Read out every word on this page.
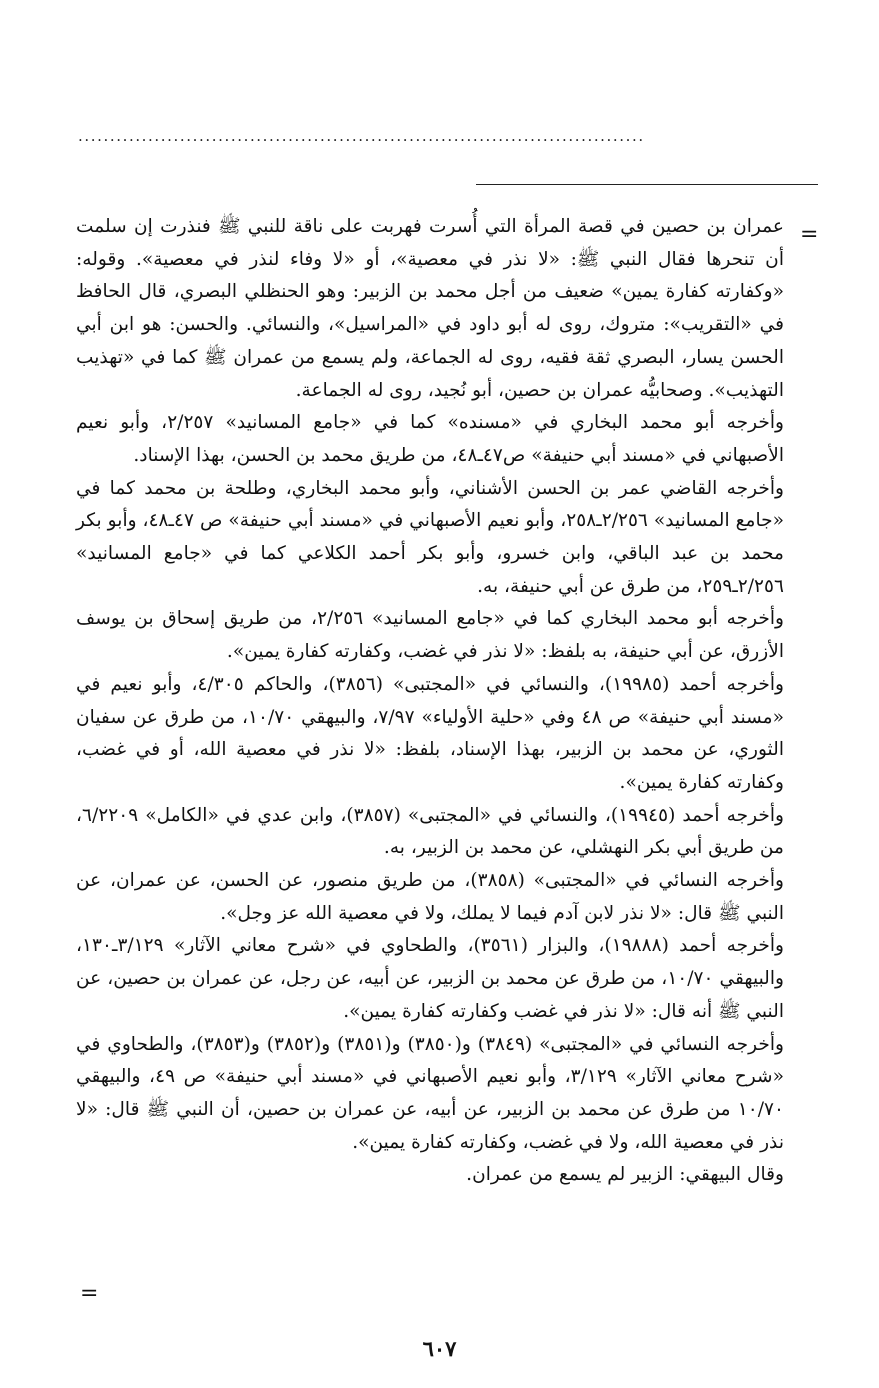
.........................................................................................
=

عمران بن حصين في قصة المرأة التي أُسرت فهربت على ناقة للنبي ﷺ فنذرت إن سلمت أن تنحرها فقال النبي ﷺ: «لا نذر في معصية»، أو «لا وفاء لنذر في معصية». وقوله: «وكفارته كفارة يمين» ضعيف من أجل محمد بن الزبير: وهو الحنظلي البصري، قال الحافظ في «التقريب»: متروك، روى له أبو داود في «المراسيل»، والنسائي. والحسن: هو ابن أبي الحسن يسار، البصري ثقة فقيه، روى له الجماعة، ولم يسمع من عمران ﷺ كما في «تهذيب التهذيب». وصحابيُّه عمران بن حصين، أبو نُجيد، روى له الجماعة.

وأخرجه أبو محمد البخاري في «مسنده» كما في «جامع المسانيد» ٢/٢٥٧، وأبو نعيم الأصبهاني في «مسند أبي حنيفة» ص٤٧ـ٤٨، من طريق محمد بن الحسن، بهذا الإسناد.

وأخرجه القاضي عمر بن الحسن الأشناني، وأبو محمد البخاري، وطلحة بن محمد كما في «جامع المسانيد» ٢/٢٥٦ـ٢٥٨، وأبو نعيم الأصبهاني في «مسند أبي حنيفة» ص ٤٧ـ٤٨، وأبو بكر محمد بن عبد الباقي، وابن خسرو، وأبو بكر أحمد الكلاعي كما في «جامع المسانيد» ٢/٢٥٦ـ٢٥٩، من طرق عن أبي حنيفة، به.

وأخرجه أبو محمد البخاري كما في «جامع المسانيد» ٢/٢٥٦، من طريق إسحاق بن يوسف الأزرق، عن أبي حنيفة، به بلفظ: «لا نذر في غضب، وكفارته كفارة يمين».

وأخرجه أحمد (١٩٩٨٥)، والنسائي في «المجتبى» (٣٨٥٦)، والحاكم ٤/٣٠٥، وأبو نعيم في «مسند أبي حنيفة» ص ٤٨ وفي «حلية الأولياء» ٧/٩٧، والبيهقي ١٠/٧٠، من طرق عن سفيان الثوري، عن محمد بن الزبير، بهذا الإسناد، بلفظ: «لا نذر في معصية الله، أو في غضب، وكفارته كفارة يمين».

وأخرجه أحمد (١٩٩٤٥)، والنسائي في «المجتبى» (٣٨٥٧)، وابن عدي في «الكامل» ٦/٢٢٠٩، من طريق أبي بكر النهشلي، عن محمد بن الزبير، به.

وأخرجه النسائي في «المجتبى» (٣٨٥٨)، من طريق منصور، عن الحسن، عن عمران، عن النبي ﷺ قال: «لا نذر لابن آدم فيما لا يملك، ولا في معصية الله عز وجل».

وأخرجه أحمد (١٩٨٨٨)، والبزار (٣٥٦١)، والطحاوي في «شرح معاني الآثار» ٣/١٢٩ـ١٣٠، والبيهقي ١٠/٧٠، من طرق عن محمد بن الزبير، عن أبيه، عن رجل، عن عمران بن حصين، عن النبي ﷺ أنه قال: «لا نذر في غضب وكفارته كفارة يمين».

وأخرجه النسائي في «المجتبى» (٣٨٤٩) و(٣٨٥٠) و(٣٨٥١) و(٣٨٥٢) و(٣٨٥٣)، والطحاوي في «شرح معاني الآثار» ٣/١٢٩، وأبو نعيم الأصبهاني في «مسند أبي حنيفة» ص ٤٩، والبيهقي ١٠/٧٠ من طرق عن محمد بن الزبير، عن أبيه، عن عمران بن حصين، أن النبي ﷺ قال: «لا نذر في معصية الله، ولا في غضب، وكفارته كفارة يمين».

وقال البيهقي: الزبير لم يسمع من عمران.

=
٦٠٧
